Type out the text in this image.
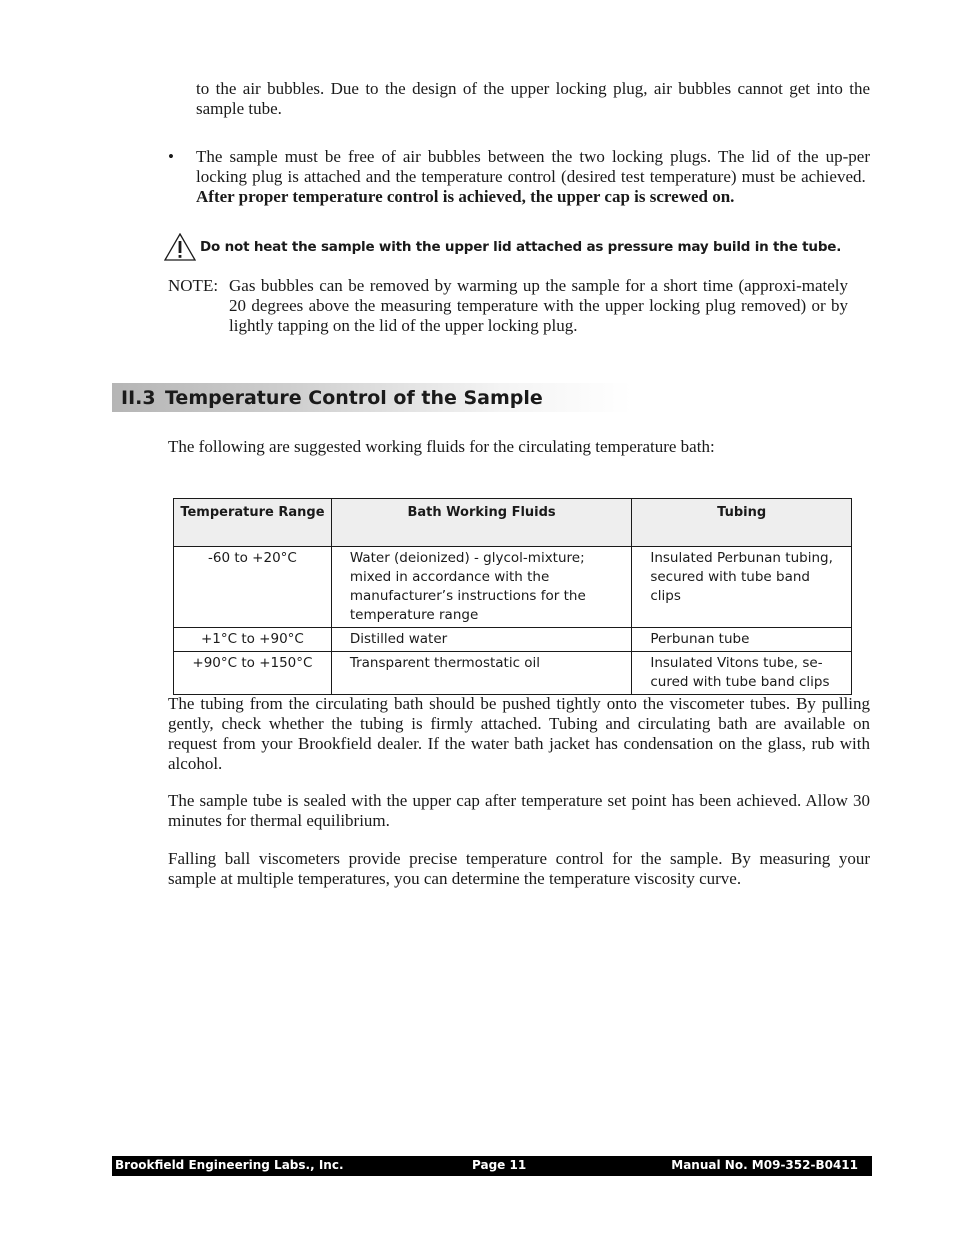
to the air bubbles. Due to the design of the upper locking plug, air bubbles cannot get into the sample tube.

• The sample must be free of air bubbles between the two locking plugs. The lid of the up-per locking plug is attached and the temperature control (desired test temperature) must be achieved.  After proper temperature control is achieved, the upper cap is screwed on.

Do not heat the sample with the upper lid attached as pressure may build in the tube.
NOTE: Gas bubbles can be removed by warming up the sample for a short time (approxi-mately 20 degrees above the measuring temperature with the upper locking plug removed) or by lightly tapping on the lid of the upper locking plug.

II.3 Temperature Control of the Sample

The following are suggested working fluids for the circulating temperature bath:

Temperature Range	Bath Working Fluids	Tubing
-60 to +20°C	Water (deionized) - glycol-mixture; mixed in accordance with the manufacturer’s instructions for the temperature range	Insulated Perbunan tubing, secured with tube band clips
+1°C to +90°C	Distilled water	Perbunan tube
+90°C to +150°C	Transparent thermostatic oil	Insulated Vitons tube, se-cured with tube band clips

The tubing from the circulating bath should be pushed tightly onto the viscometer tubes. By pulling gently, check whether the tubing is firmly attached. Tubing and circulating bath are available on request from your Brookfield dealer. If the water bath jacket has condensation on the glass, rub with alcohol.

The sample tube is sealed with the upper cap after temperature set point has been achieved. Allow 30 minutes for thermal equilibrium.

Falling ball viscometers provide precise temperature control for the sample. By measuring your sample at multiple temperatures, you can determine the temperature viscosity curve.

Brookfield Engineering Labs., Inc.	Page 11	Manual No. M09-352-B0411
